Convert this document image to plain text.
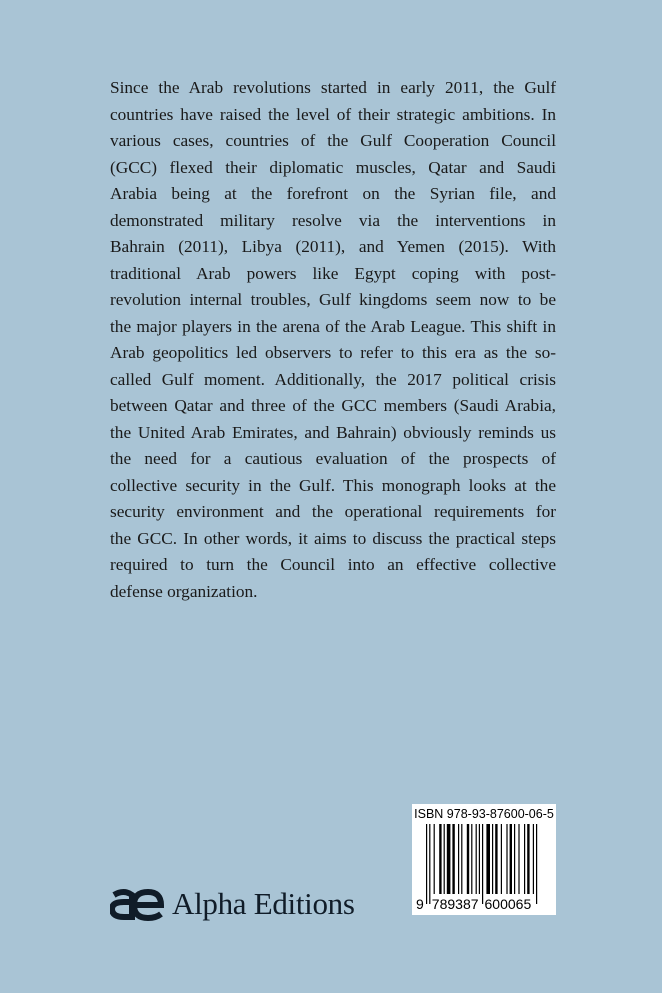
Since the Arab revolutions started in early 2011, the Gulf
countries have raised the level of their strategic ambitions. In
various cases, countries of the Gulf Cooperation Council
(GCC) flexed their diplomatic muscles, Qatar and Saudi
Arabia being at the forefront on the Syrian file, and
demonstrated military resolve via the interventions in
Bahrain (2011), Libya (2011), and Yemen (2015). With
traditional Arab powers like Egypt coping with post-
revolution internal troubles, Gulf kingdoms seem now to be
the major players in the arena of the Arab League. This shift in
Arab geopolitics led observers to refer to this era as the so-
called Gulf moment. Additionally, the 2017 political crisis
between Qatar and three of the GCC members (Saudi Arabia,
the United Arab Emirates, and Bahrain) obviously reminds us
the need for a cautious evaluation of the prospects of
collective security in the Gulf. This monograph looks at the
security environment and the operational requirements for
the GCC. In other words, it aims to discuss the practical steps
required to turn the Council into an effective collective
defense organization.
ISBN 978-93-87600-06-5
9 789387 600065
Alpha Editions
